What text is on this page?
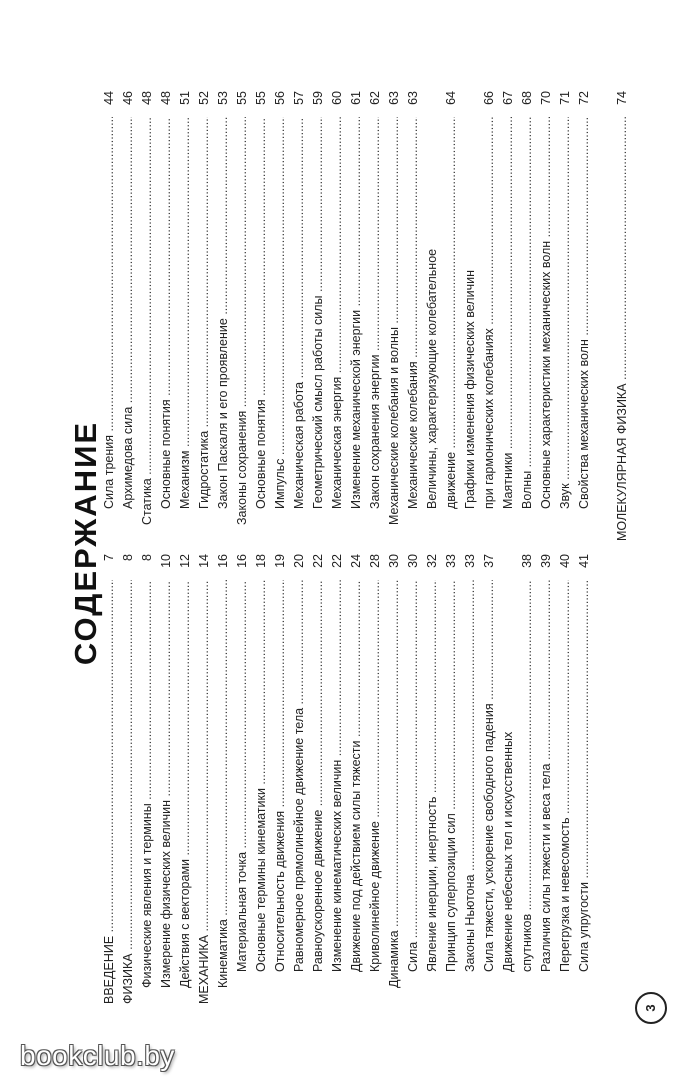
СОДЕРЖАНИЕ
ВВЕДЕНИЕ .....
7
ФИЗИКА .....
8
Физические явления и термины .....
8
Измерение физических величин .....
10
Действия с векторами .....
12
МЕХАНИКА .....
14
Кинематика .....
16
Материальная точка .....
16
Основные термины кинематики .....
18
Относительность движения .....
19
Равномерное прямолинейное движение тела .....
20
Равноускоренное движение .....
22
Изменение кинематических величин .....
22
Движение под действием силы тяжести .....
24
Криволинейное движение .....
28
Динамика .....
30
Сила .....
30
Явление инерции, инертность .....
32
Принцип суперпозиции сил .....
33
Законы Ньютона .....
33
Сила тяжести, ускорение свободного падения .....
37
Движение небесных тел и искусственных спутников .....
38
Различия силы тяжести и веса тела .....
39
Перегрузка и невесомость .....
40
Сила упругости .....
41
Сила трения .....
44
Архимедова сила .....
46
Статика .....
48
Основные понятия .....
48
Механизм .....
51
Гидростатика .....
52
Закон Паскаля и его проявление .....
53
Законы сохранения .....
55
Основные понятия .....
55
Импульс .....
56
Механическая работа .....
57
Геометрический смысл работы силы .....
59
Механическая энергия .....
60
Изменение механической энергии .....
61
Закон сохранения энергии .....
62
Механические колебания и волны .....
63
Механические колебания .....
63
Величины, характеризующие колебательное движение .....
64
Графики изменения физических величин при гармонических колебаниях .....
66
Маятники .....
67
Волны .....
68
Основные характеристики механических волн .....
70
Звук .....
71
Свойства механических волн .....
72
МОЛЕКУЛЯРНАЯ ФИЗИКА .....
74
3
bookclub.by
